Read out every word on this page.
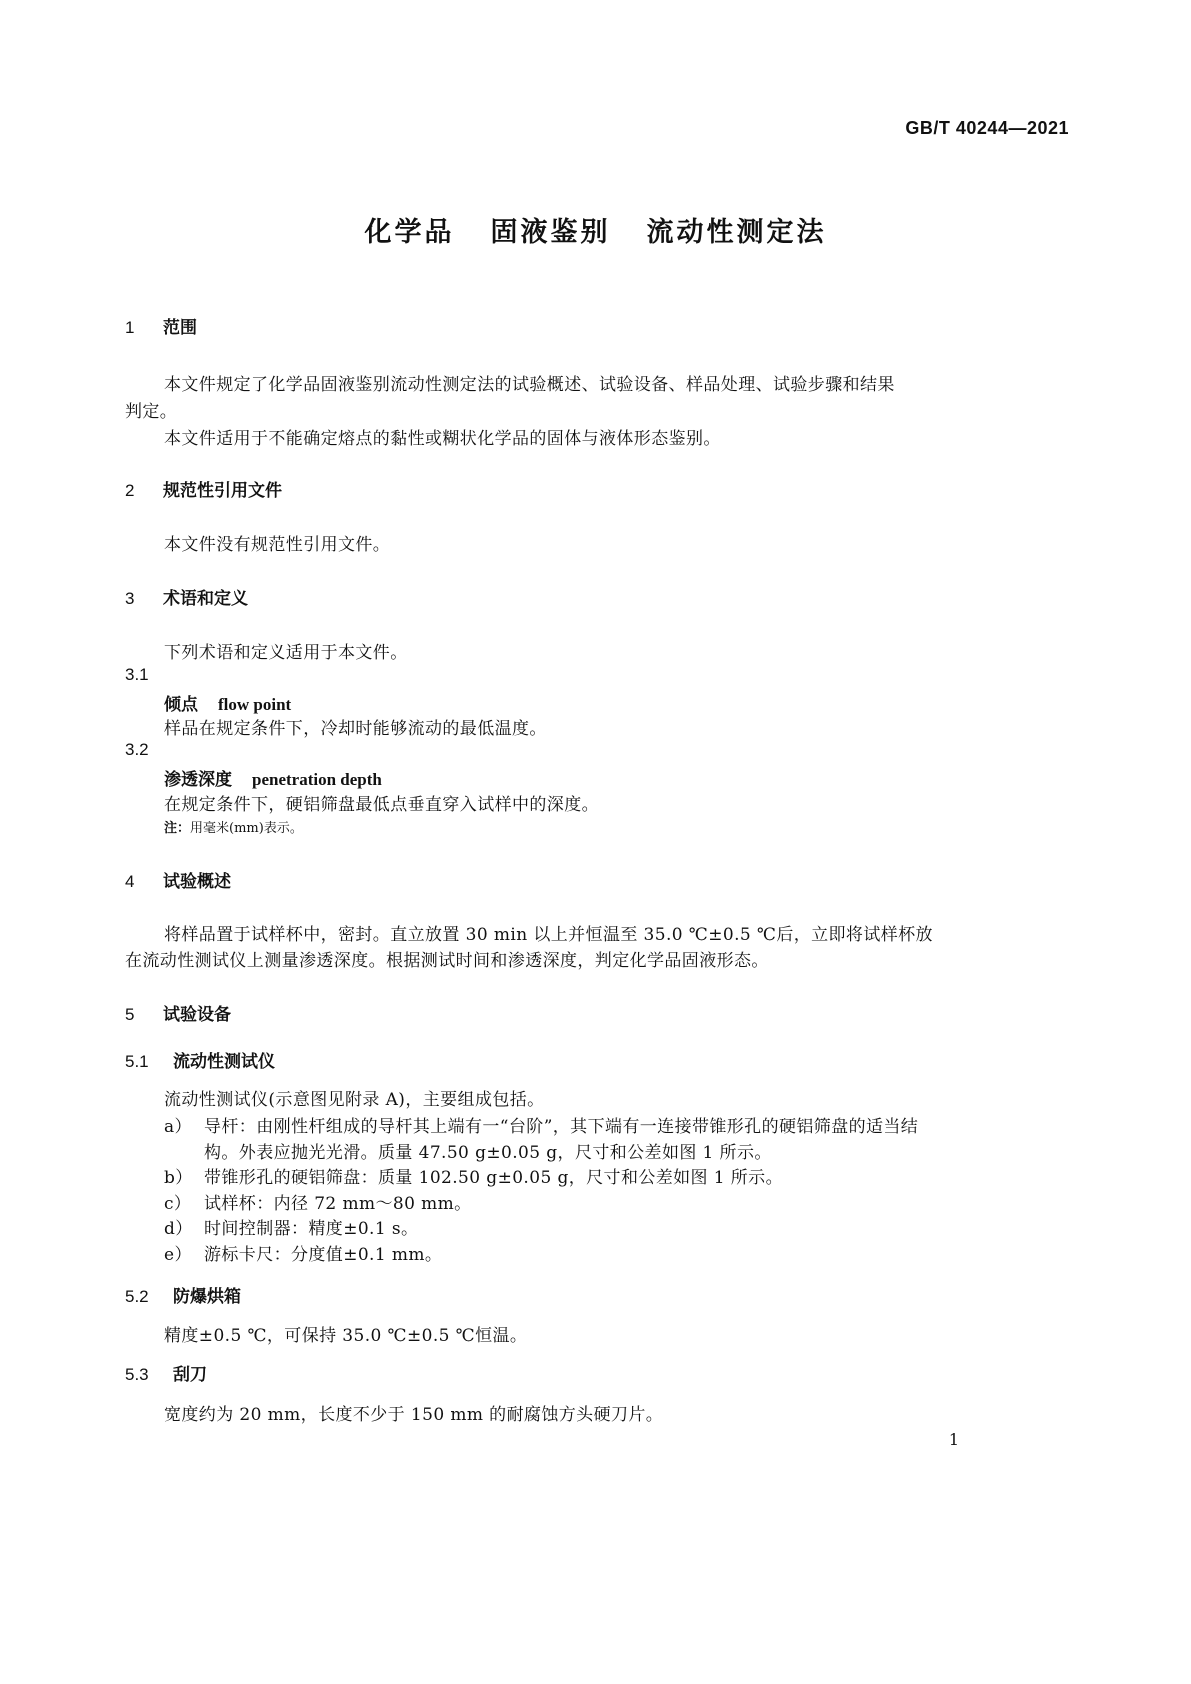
GB/T 40244—2021
化学品 固液鉴别 流动性测定法
1 范围
本文件规定了化学品固液鉴别流动性测定法的试验概述、试验设备、样品处理、试验步骤和结果
判定。
本文件适用于不能确定熔点的黏性或糊状化学品的固体与液体形态鉴别。
2 规范性引用文件
本文件没有规范性引用文件。
3 术语和定义
下列术语和定义适用于本文件。
3.1
倾点 flow point
样品在规定条件下，冷却时能够流动的最低温度。
3.2
渗透深度 penetration depth
在规定条件下，硬铝筛盘最低点垂直穿入试样中的深度。
注：用毫米(mm)表示。
4 试验概述
将样品置于试样杯中，密封。直立放置 30 min 以上并恒温至 35.0 ℃±0.5 ℃后，立即将试样杯放
在流动性测试仪上测量渗透深度。根据测试时间和渗透深度，判定化学品固液形态。
5 试验设备
5.1 流动性测试仪
流动性测试仪(示意图见附录 A)，主要组成包括。
a） 导杆：由刚性杆组成的导杆其上端有一“台阶”，其下端有一连接带锥形孔的硬铝筛盘的适当结
构。外表应抛光光滑。质量 47.50 g±0.05 g，尺寸和公差如图 1 所示。
b） 带锥形孔的硬铝筛盘：质量 102.50 g±0.05 g，尺寸和公差如图 1 所示。
c） 试样杯：内径 72 mm～80 mm。
d） 时间控制器：精度±0.1 s。
e） 游标卡尺：分度值±0.1 mm。
5.2 防爆烘箱
精度±0.5 ℃，可保持 35.0 ℃±0.5 ℃恒温。
5.3 刮刀
宽度约为 20 mm，长度不少于 150 mm 的耐腐蚀方头硬刀片。
1
